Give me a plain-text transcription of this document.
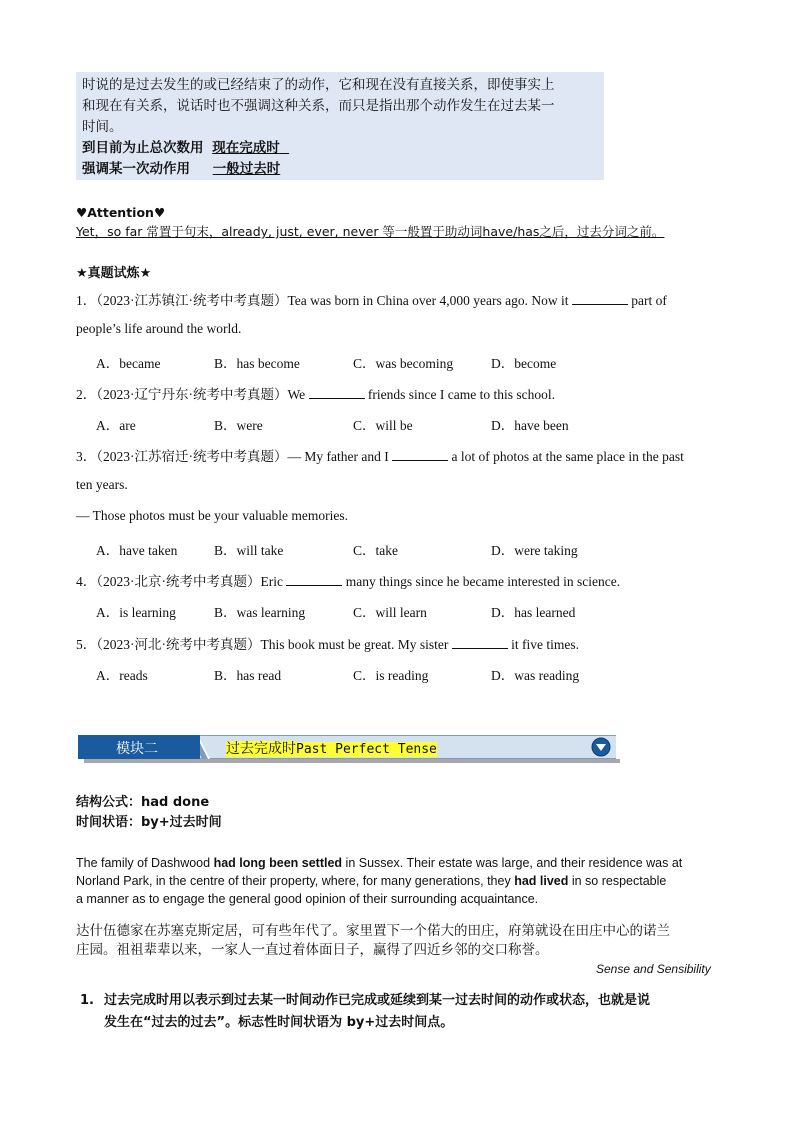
时说的是过去发生的或已经结束了的动作，它和现在没有直接关系，即使事实上
和现在有关系，说话时也不强调这种关系，而只是指出那个动作发生在过去某一
时间。
到目前为止总次数用 现在完成时
强调某一次动作用 一般过去时
♥Attention♥
Yet，so far 常置于句末，already, just, ever, never 等一般置于助动词have/has之后，过去分词之前。
★真题试炼★
1．（2023·江苏镇江·统考中考真题）Tea was born in China over 4,000 years ago. Now it	part of
people’s life around the world.
A．became	B．has become	C．was becoming	D．become
2．（2023·辽宁丹东·统考中考真题）We	friends since I came to this school.
A．are	B．were	C．will be	D．have been
3．（2023·江苏宿迁·统考中考真题）— My father and I	a lot of photos at the same place in the past
ten years.
— Those photos must be your valuable memories.
A．have taken	B．will take	C．take	D．were taking
4．（2023·北京·统考中考真题）Eric	many things since he became interested in science.
A．is learning	B．was learning	C．will learn	D．has learned
5．（2023·河北·统考中考真题）This book must be great. My sister	it five times.
A．reads	B．has read	C．is reading	D．was reading
模块二	过去完成时Past Perfect Tense
结构公式：had done
时间状语：by+过去时间
The family of Dashwood had long been settled in Sussex. Their estate was large, and their residence was at
Norland Park, in the centre of their property, where, for many generations, they had lived in so respectable
a manner as to engage the general good opinion of their surrounding acquaintance.
达什伍德家在苏塞克斯定居，可有些年代了。家里置下一个偌大的田庄，府第就设在田庄中心的诺兰
庄园。祖祖辈辈以来，一家人一直过着体面日子，赢得了四近乡邻的交口称誉。
Sense and Sensibility
1. 过去完成时用以表示到过去某一时间动作已完成或延续到某一过去时间的动作或状态，也就是说
发生在“过去的过去”。标志性时间状语为 by+过去时间点。
